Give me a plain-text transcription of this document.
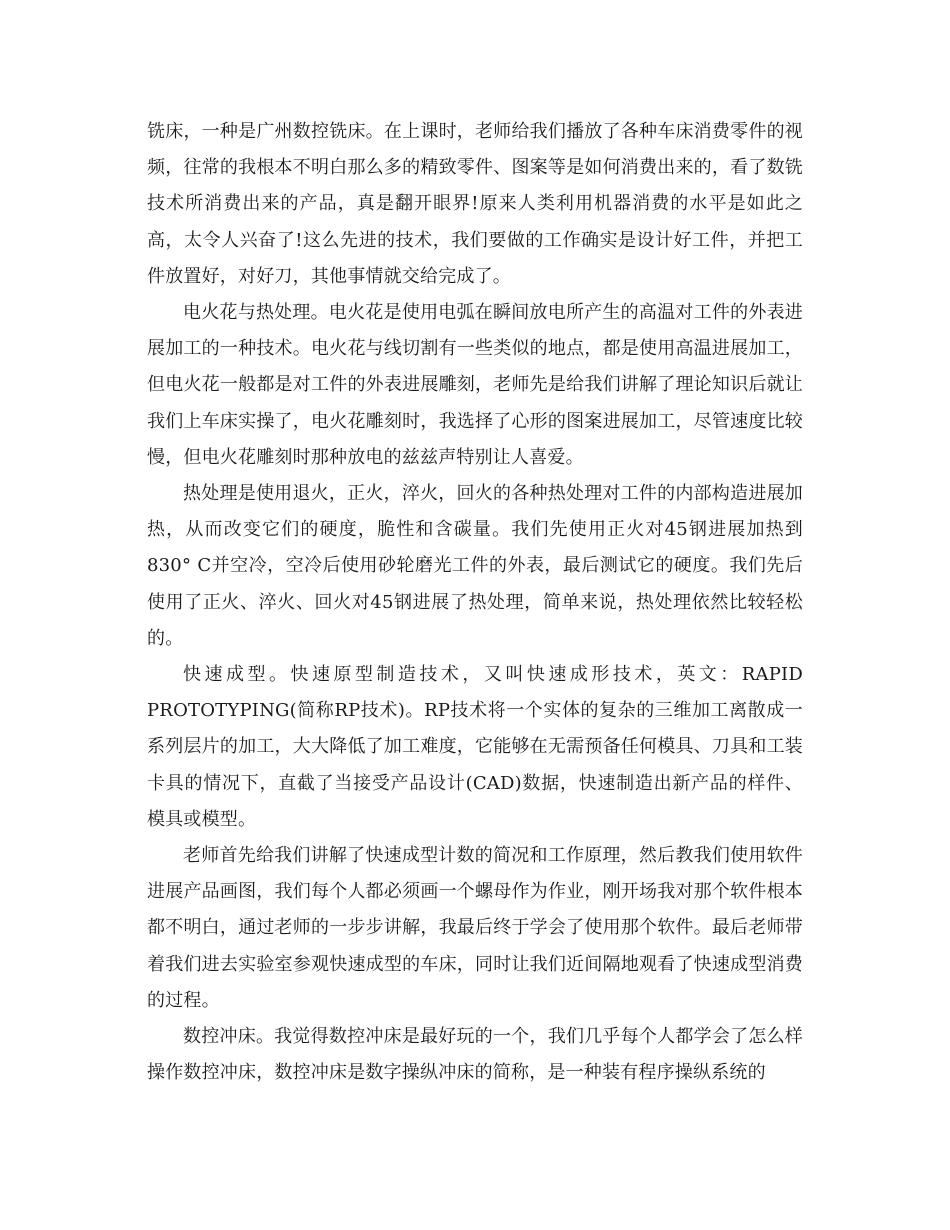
铣床，一种是广州数控铣床。在上课时，老师给我们播放了各种车床消费零件的视频，往常的我根本不明白那么多的精致零件、图案等是如何消费出来的，看了数铣技术所消费出来的产品，真是翻开眼界!原来人类利用机器消费的水平是如此之高，太令人兴奋了!这么先进的技术，我们要做的工作确实是设计好工件，并把工件放置好，对好刀，其他事情就交给完成了。

电火花与热处理。电火花是使用电弧在瞬间放电所产生的高温对工件的外表进展加工的一种技术。电火花与线切割有一些类似的地点，都是使用高温进展加工，但电火花一般都是对工件的外表进展雕刻，老师先是给我们讲解了理论知识后就让我们上车床实操了，电火花雕刻时，我选择了心形的图案进展加工，尽管速度比较慢，但电火花雕刻时那种放电的兹兹声特别让人喜爱。

热处理是使用退火，正火，淬火，回火的各种热处理对工件的内部构造进展加热，从而改变它们的硬度，脆性和含碳量。我们先使用正火对45钢进展加热到830° C并空冷，空冷后使用砂轮磨光工件的外表，最后测试它的硬度。我们先后使用了正火、淬火、回火对45钢进展了热处理，简单来说，热处理依然比较轻松的。

快速成型。快速原型制造技术，又叫快速成形技术，英文：RAPID PROTOTYPING(简称RP技术)。RP技术将一个实体的复杂的三维加工离散成一系列层片的加工，大大降低了加工难度，它能够在无需预备任何模具、刀具和工装卡具的情况下，直截了当接受产品设计(CAD)数据，快速制造出新产品的样件、模具或模型。

老师首先给我们讲解了快速成型计数的简况和工作原理，然后教我们使用软件进展产品画图，我们每个人都必须画一个螺母作为作业，刚开场我对那个软件根本都不明白，通过老师的一步步讲解，我最后终于学会了使用那个软件。最后老师带着我们进去实验室参观快速成型的车床，同时让我们近间隔地观看了快速成型消费的过程。

数控冲床。我觉得数控冲床是最好玩的一个，我们几乎每个人都学会了怎么样操作数控冲床，数控冲床是数字操纵冲床的简称，是一种装有程序操纵系统的
